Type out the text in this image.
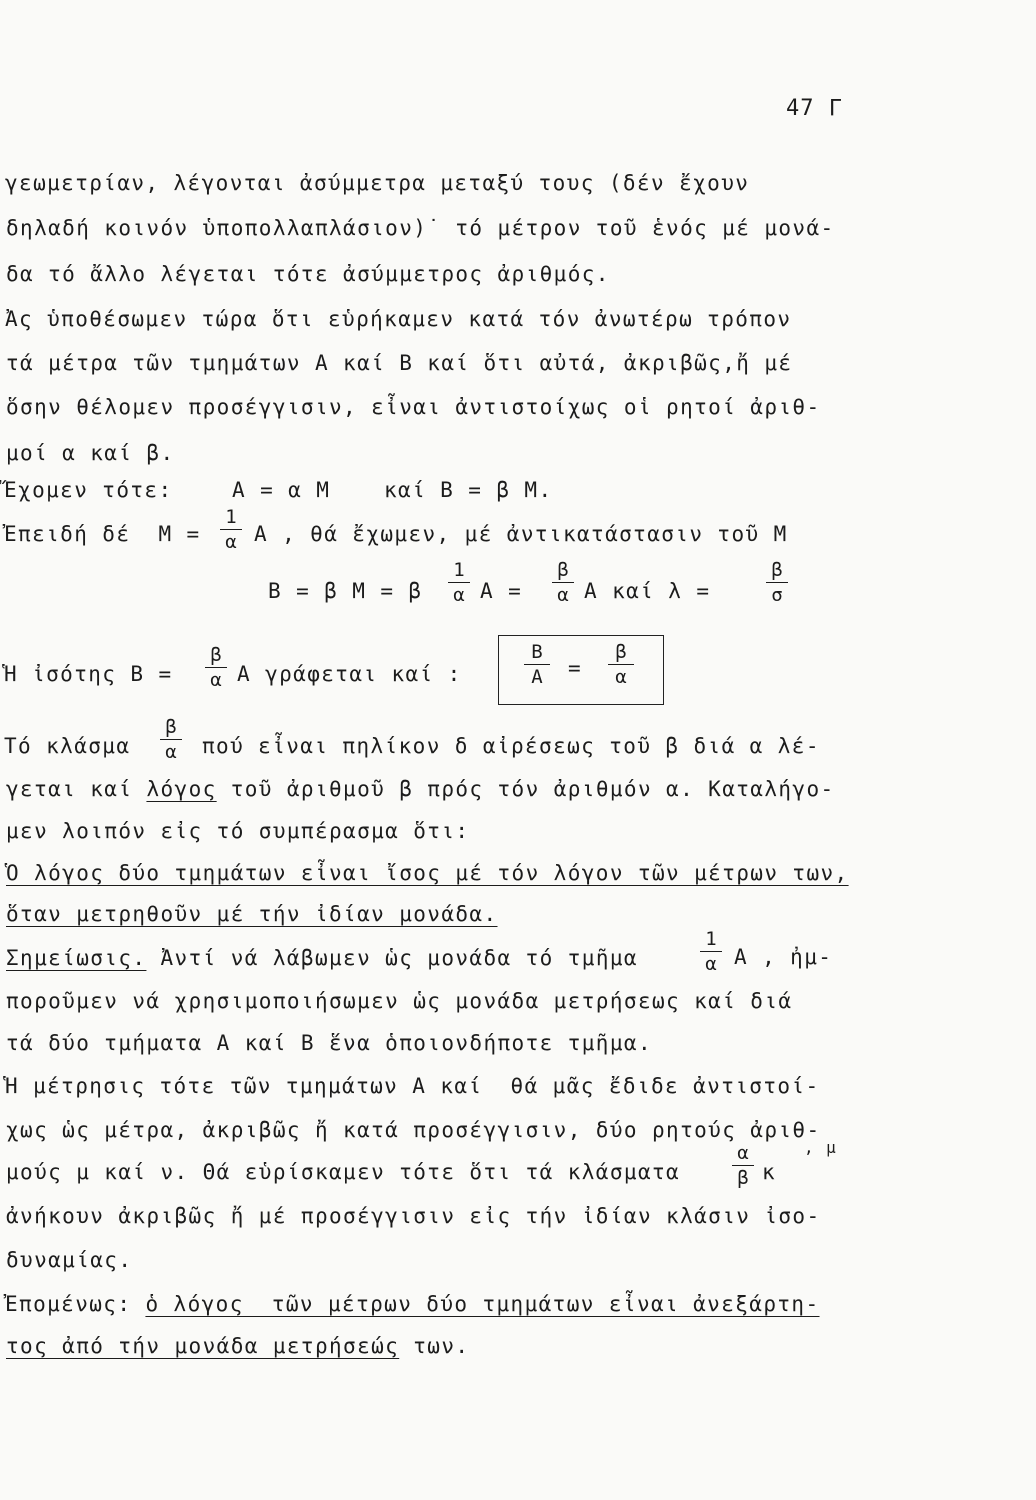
47 Γ
γεωμετρίαν, λέγονται ἀσύμμετρα μεταξύ τους (δέν ἔχουν
δηλαδή κοινόν ὑποπολλαπλάσιον)˙ τό μέτρον τοῦ ἑνός μέ μονά-
δα τό ἄλλο λέγεται τότε ἀσύμμετρος ἀριθμός.
Ἀς ὑποθέσωμεν τώρα ὅτι εὑρήκαμεν κατά τόν ἀνωτέρω τρόπον
τά μέτρα τῶν τμημάτων Α καί Β καί ὅτι αὐτά, ἀκριβῶς,ἤ μέ
ὅσην θέλομεν προσέγγισιν, εἶναι ἀντιστοίχως οἱ ρητοί ἀριθ-
μοί α καί β.
Ἔχομεν τότε:	Α = α Μ	καί Β = β Μ.
Ἐπειδή δέ  Μ =
1
α Α , θά ἔχωμεν, μέ ἀντικατάστασιν τοῦ Μ
Β = β Μ = β
1
α Α =
β
α Α καί λ =
β
σ
Ἡ ἰσότης Β =
β
α Α γράφεται καί :
Β
Α	=
β
α
Τό κλάσμα
β
α πού εἶναι πηλίκον δ αἰρέσεως τοῦ β διά α λέ-
γεται καί λόγος τοῦ ἀριθμοῦ β πρός τόν ἀριθμόν α. Καταλήγο-
μεν λοιπόν εἰς τό συμπέρασμα ὅτι:
Ὁ λόγος δύο τμημάτων εἶναι ἴσος μέ τόν λόγον τῶν μέτρων των,
ὅταν μετρηθοῦν μέ τήν ἰδίαν μονάδα.
Σημείωσις. Ἀντί νά λάβωμεν ὡς μονάδα τό τμῆμα
1
α Α , ἠμ-
ποροῦμεν νά χρησιμοποιήσωμεν ὡς μονάδα μετρήσεως καί διά
τά δύο τμήματα Α καί Β ἕνα ὁποιονδήποτε τμῆμα.
Ἡ μέτρησις τότε τῶν τμημάτων Α καί  θά μᾶς ἔδιδε ἀντιστοί-
χως ὡς μέτρα, ἀκριβῶς ἤ κατά προσέγγισιν, δύο ρητούς ἀριθ-
μούς μ καί ν. Θά εὑρίσκαμεν τότε ὅτι τά κλάσματα
α
β κ
, μ
ἀνήκουν ἀκριβῶς ἤ μέ προσέγγισιν εἰς τήν ἰδίαν κλάσιν ἰσο-
δυναμίας.
Ἐπομένως: ὁ λόγος  τῶν μέτρων δύο τμημάτων εἶναι ἀνεξάρτη-
τος ἀπό τήν μονάδα μετρήσεώς των.
